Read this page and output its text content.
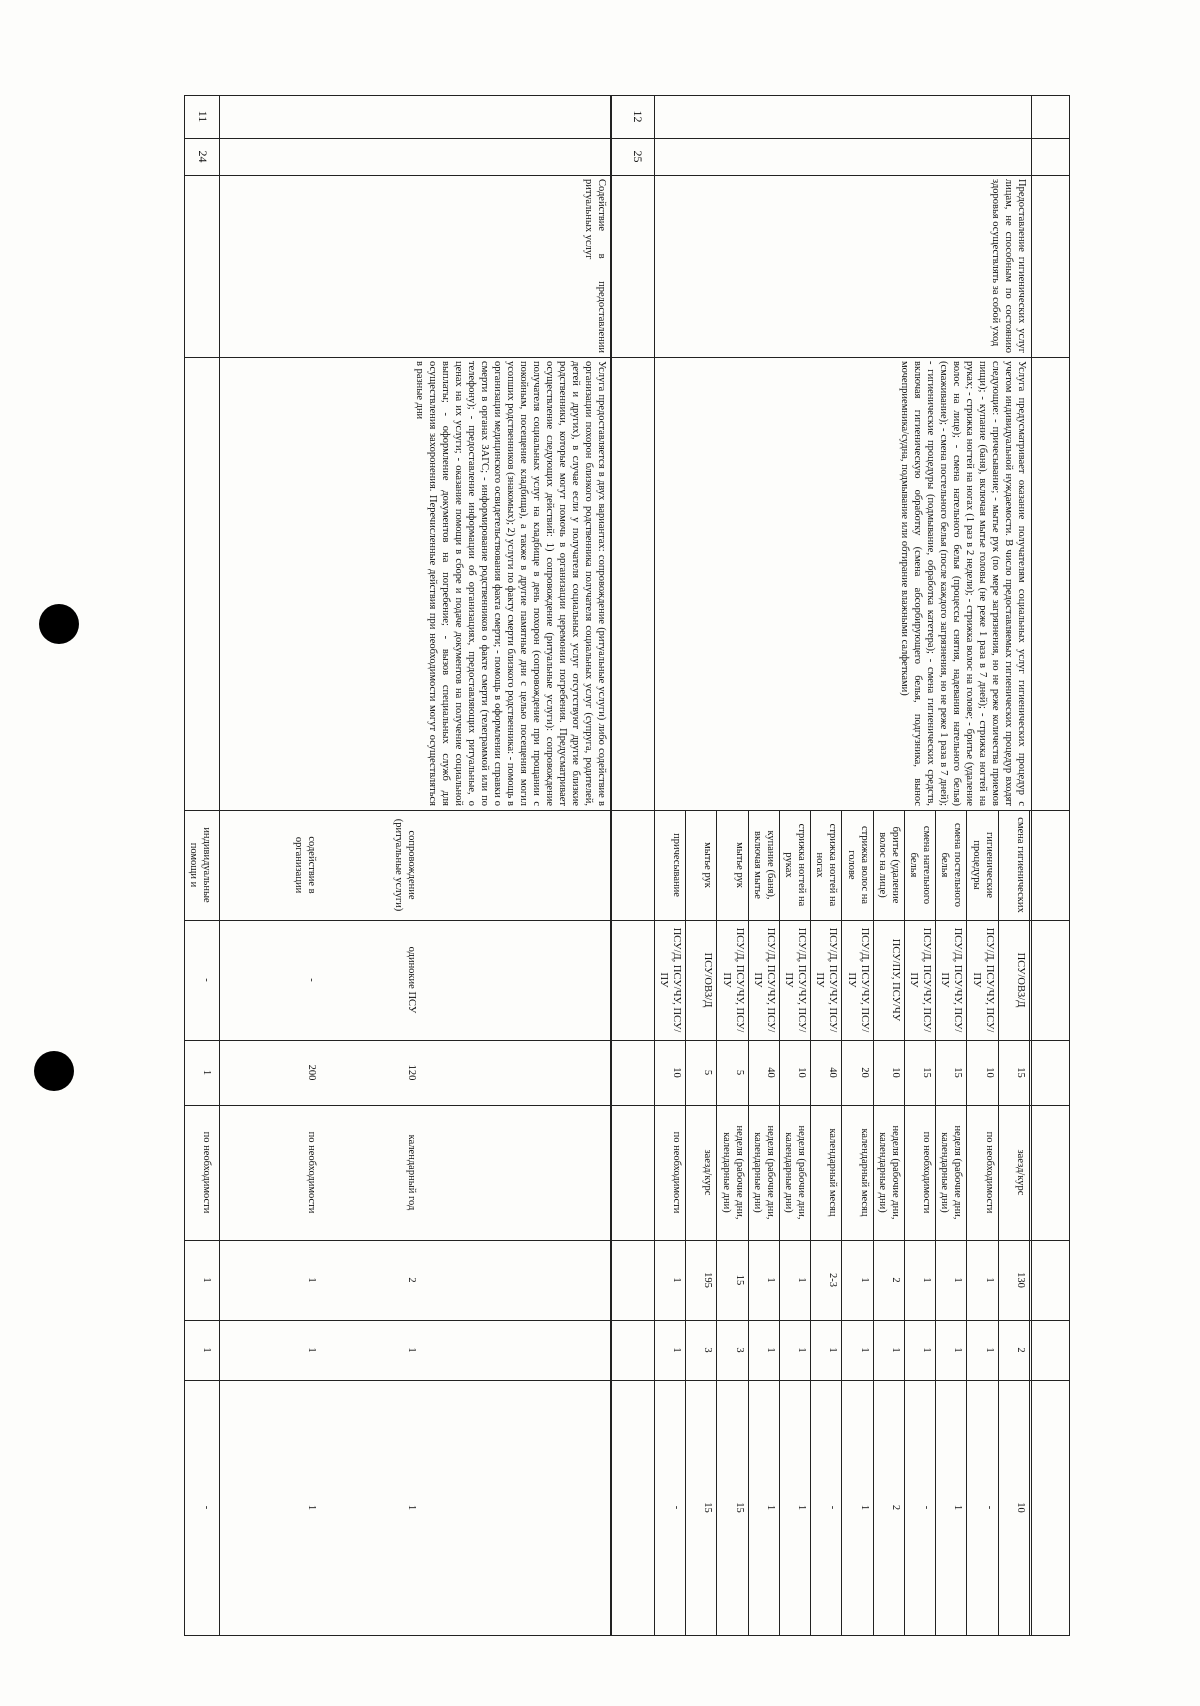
индивидуальные помощи и
-
1
по необходимости
1
1
-
11
24
Содействие в предоставлении ритуальных услуг
Услуга предоставляется в двух вариантах: сопровождение (ритуальные услуги) либо содействие в организации похорон близкого родственника получателя социальных услуг (супруга, родителей, детей и других), в случае если у получателя социальных услуг отсутствуют другие близкие родственники, которые могут помочь в организации церемонии погребения. Предусматривает осуществление следующих действий: 1) сопровождение (ритуальные услуги): сопровождение получателя социальных услуг на кладбище в день похорон (сопровождение при прощании с покойным, посещение кладбища), а также в другие памятные дни с целью посещения могил усопших родственников (знакомых); 2) услуги по факту смерти близкого родственника: - помощь в организации медицинского освидетельствования факта смерти; - помощь в оформлении справки о смерти в органах ЗАГС; - информирование родственников о факте смерти (телеграммой или по телефону); - предоставление информации об организациях, предоставляющих ритуальные, о ценах на их услуги; - оказание помощи в сборе и подаче документов на получение социальной выплаты; - оформление документов на погребение; - вызов специальных служб для осуществления захоронения. Перечисленные действия при необходимости могут осуществляться в разные дни
содействие в организации
-
200
по необходимости
1
1
1
сопровождение (ритуальные услуги)
одинокие ПСУ
120
календарный год
2
1
1
12
25
Предоставление гигиенических услуг лицам, не способным по состоянию здоровья осуществлять за собой уход
Услуга предусматривает оказание получателям социальных услуг гигиенических процедур с учетом индивидуальной нуждаемости. В число предоставляемых гигиенических процедур входят следующие: - причесывание; - мытье рук (по мере загрязнения, но не реже количества приемов пищи); - купание (баня), включая мытье головы (не реже 1 раза в 7 дней); - стрижка ногтей на руках; - стрижка ногтей на ногах (1 раз в 2 недели); - стрижка волос на голове; - бритье (удаление волос на лице); - смена нательного белья (процессы снятия, надевания нательного белья) (смаживание); - смена постельного белья (после каждого загрязнения, но не реже 1 раза в 7 дней); - гигиенические процедуры (подмывание, обработка катетера); - смена гигиенических средств, включая гигиеническую обработку (смена абсорбирующего белья, подгузника, вынос мочеприемника/судна, подмывание или обтирание влажными салфетками)
причесывание
ПСУ/Д, ПСУ/ЧУ, ПСУ/ПУ
10
по необходимости
1
1
-
мытье рук
ПСУ/ОВЗ/Д
5
заезд/курс
195
3
15
мытье рук
ПСУ/Д, ПСУ/ЧУ, ПСУ/ПУ
5
неделя (рабочие дни, календарные дни)
15
3
15
купание (баня), включая мытье
ПСУ/Д, ПСУ/ЧУ, ПСУ/ПУ
40
неделя (рабочие дни, календарные дни)
1
1
1
стрижка ногтей на руках
ПСУ/Д, ПСУ/ЧУ, ПСУ/ПУ
10
неделя (рабочие дни, календарные дни)
1
1
1
стрижка ногтей на ногах
ПСУ/Д, ПСУ/ЧУ, ПСУ/ПУ
40
календарный месяц
2-3
1
-
стрижка волос на голове
ПСУ/Д, ПСУ/ЧУ, ПСУ/ПУ
20
календарный месяц
1
1
1
бритье (удаление волос на лице)
ПСУ/ПУ, ПСУ/ЧУ
10
неделя (рабочие дни, календарные дни)
2
1
2
смена нательного белья
ПСУ/Д, ПСУ/ЧУ, ПСУ/ПУ
15
по необходимости
1
1
-
смена постельного белья
ПСУ/Д, ПСУ/ЧУ, ПСУ/ПУ
15
неделя (рабочие дни, календарные дни)
1
1
1
гигиенические процедуры
ПСУ/Д, ПСУ/ЧУ, ПСУ/ПУ
10
по необходимости
1
1
-
смена гигиенических
ПСУ/ОВЗ/Д
15
заезд/курс
130
2
10
